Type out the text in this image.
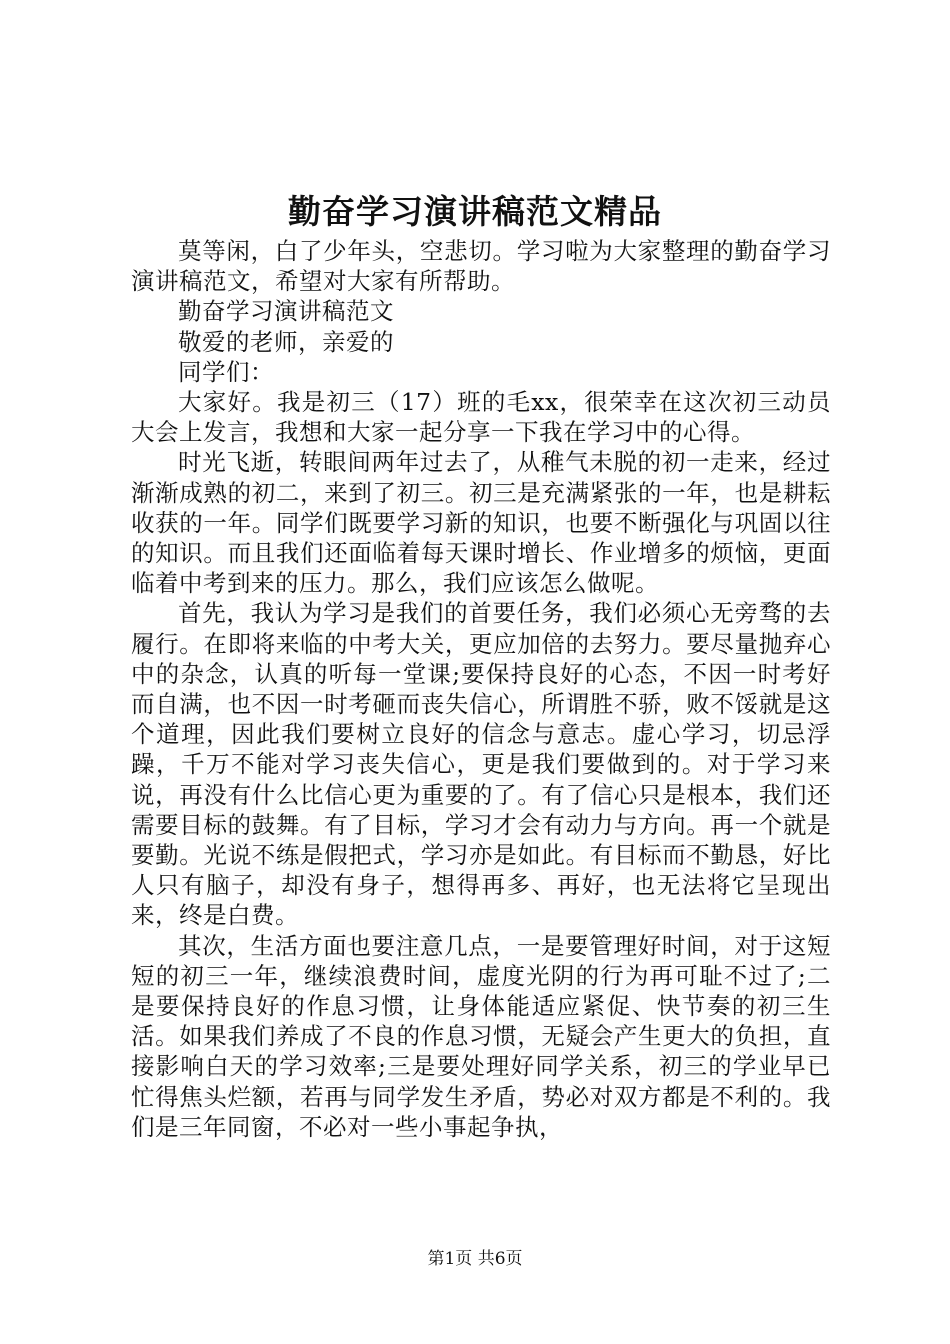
勤奋学习演讲稿范文精品

莫等闲，白了少年头，空悲切。学习啦为大家整理的勤奋学习演讲稿范文，希望对大家有所帮助。

勤奋学习演讲稿范文

敬爱的老师，亲爱的

同学们：

大家好。我是初三（17）班的毛xx，很荣幸在这次初三动员大会上发言，我想和大家一起分享一下我在学习中的心得。

时光飞逝，转眼间两年过去了，从稚气未脱的初一走来，经过渐渐成熟的初二，来到了初三。初三是充满紧张的一年，也是耕耘收获的一年。同学们既要学习新的知识，也要不断强化与巩固以往的知识。而且我们还面临着每天课时增长、作业增多的烦恼，更面临着中考到来的压力。那么，我们应该怎么做呢。

首先，我认为学习是我们的首要任务，我们必须心无旁骛的去履行。在即将来临的中考大关，更应加倍的去努力。要尽量抛弃心中的杂念，认真的听每一堂课;要保持良好的心态，不因一时考好而自满，也不因一时考砸而丧失信心，所谓胜不骄，败不馁就是这个道理，因此我们要树立良好的信念与意志。虚心学习，切忌浮躁，千万不能对学习丧失信心，更是我们要做到的。对于学习来说，再没有什么比信心更为重要的了。有了信心只是根本，我们还需要目标的鼓舞。有了目标，学习才会有动力与方向。再一个就是要勤。光说不练是假把式，学习亦是如此。有目标而不勤恳，好比人只有脑子，却没有身子，想得再多、再好，也无法将它呈现出来，终是白费。

其次，生活方面也要注意几点，一是要管理好时间，对于这短短的初三一年，继续浪费时间，虚度光阴的行为再可耻不过了;二是要保持良好的作息习惯，让身体能适应紧促、快节奏的初三生活。如果我们养成了不良的作息习惯，无疑会产生更大的负担，直接影响白天的学习效率;三是要处理好同学关系，初三的学业早已忙得焦头烂额，若再与同学发生矛盾，势必对双方都是不利的。我们是三年同窗，不必对一些小事起争执，

第1页 共6页
